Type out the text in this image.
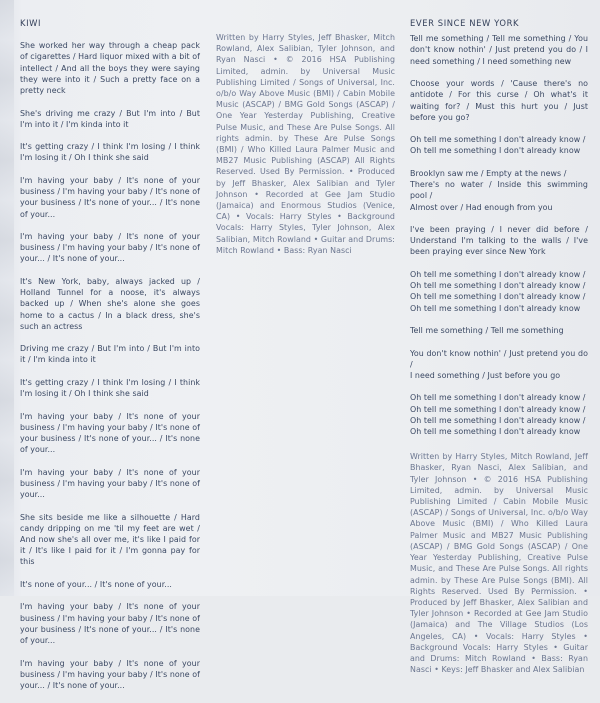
KIWI

She worked her way through a cheap pack of cigarettes / Hard liquor mixed with a bit of intellect / And all the boys they were saying they were into it / Such a pretty face on a pretty neck

She's driving me crazy / But I'm into / But I'm into it / I'm kinda into it

It's getting crazy / I think I'm losing / I think I'm losing it / Oh I think she said

I'm having your baby / It's none of your business / I'm having your baby / It's none of your business / It's none of your... / It's none of your...

I'm having your baby / It's none of your business / I'm having your baby / It's none of your... / It's none of your...

It's New York, baby, always jacked up / Holland Tunnel for a noose, it's always backed up / When she's alone she goes home to a cactus / In a black dress, she's such an actress

Driving me crazy / But I'm into / But I'm into it / I'm kinda into it

It's getting crazy / I think I'm losing / I think I'm losing it / Oh I think she said

I'm having your baby / It's none of your business / I'm having your baby / It's none of your business / It's none of your... / It's none of your...

I'm having your baby / It's none of your business / I'm having your baby / It's none of your...

She sits beside me like a silhouette / Hard candy dripping on me 'til my feet are wet / And now she's all over me, it's like I paid for it / It's like I paid for it / I'm gonna pay for this

It's none of your... / It's none of your...

I'm having your baby / It's none of your business / I'm having your baby / It's none of your business / It's none of your... / It's none of your...

I'm having your baby / It's none of your business / I'm having your baby / It's none of your... / It's none of your...

Written by Harry Styles, Jeff Bhasker, Mitch Rowland, Alex Salibian, Tyler Johnson, and Ryan Nasci • © 2016 HSA Publishing Limited, admin. by Universal Music Publishing Limited / Songs of Universal, Inc. o/b/o Way Above Music (BMI) / Cabin Mobile Music (ASCAP) / BMG Gold Songs (ASCAP) / One Year Yesterday Publishing, Creative Pulse Music, and These Are Pulse Songs. All rights admin. by These Are Pulse Songs (BMI) / Who Killed Laura Palmer Music and MB27 Music Publishing (ASCAP) All Rights Reserved. Used By Permission. • Produced by Jeff Bhasker, Alex Salibian and Tyler Johnson • Recorded at Gee Jam Studio (Jamaica) and Enormous Studios (Venice, CA) • Vocals: Harry Styles • Background Vocals: Harry Styles, Tyler Johnson, Alex Salibian, Mitch Rowland • Guitar and Drums: Mitch Rowland • Bass: Ryan Nasci

EVER SINCE NEW YORK

Tell me something / Tell me something / You don't know nothin' / Just pretend you do / I need something / I need something new

Choose your words / 'Cause there's no antidote / For this curse / Oh what's it waiting for? / Must this hurt you / Just before you go?

Oh tell me something I don't already know /
Oh tell me something I don't already know

Brooklyn saw me / Empty at the news /
There's no water / Inside this swimming pool /
Almost over / Had enough from you

I've been praying / I never did before / Understand I'm talking to the walls / I've been praying ever since New York

Oh tell me something I don't already know /
Oh tell me something I don't already know /
Oh tell me something I don't already know /
Oh tell me something I don't already know

Tell me something / Tell me something

You don't know nothin' / Just pretend you do /
I need something / Just before you go

Oh tell me something I don't already know /
Oh tell me something I don't already know /
Oh tell me something I don't already know /
Oh tell me something I don't already know

Written by Harry Styles, Mitch Rowland, Jeff Bhasker, Ryan Nasci, Alex Salibian, and Tyler Johnson • © 2016 HSA Publishing Limited, admin. by Universal Music Publishing Limited / Cabin Mobile Music (ASCAP) / Songs of Universal, Inc. o/b/o Way Above Music (BMI) / Who Killed Laura Palmer Music and MB27 Music Publishing (ASCAP) / BMG Gold Songs (ASCAP) / One Year Yesterday Publishing, Creative Pulse Music, and These Are Pulse Songs. All rights admin. by These Are Pulse Songs (BMI). All Rights Reserved. Used By Permission. • Produced by Jeff Bhasker, Alex Salibian and Tyler Johnson • Recorded at Gee Jam Studio (Jamaica) and The Village Studios (Los Angeles, CA) • Vocals: Harry Styles • Background Vocals: Harry Styles • Guitar and Drums: Mitch Rowland • Bass: Ryan Nasci • Keys: Jeff Bhasker and Alex Salibian
